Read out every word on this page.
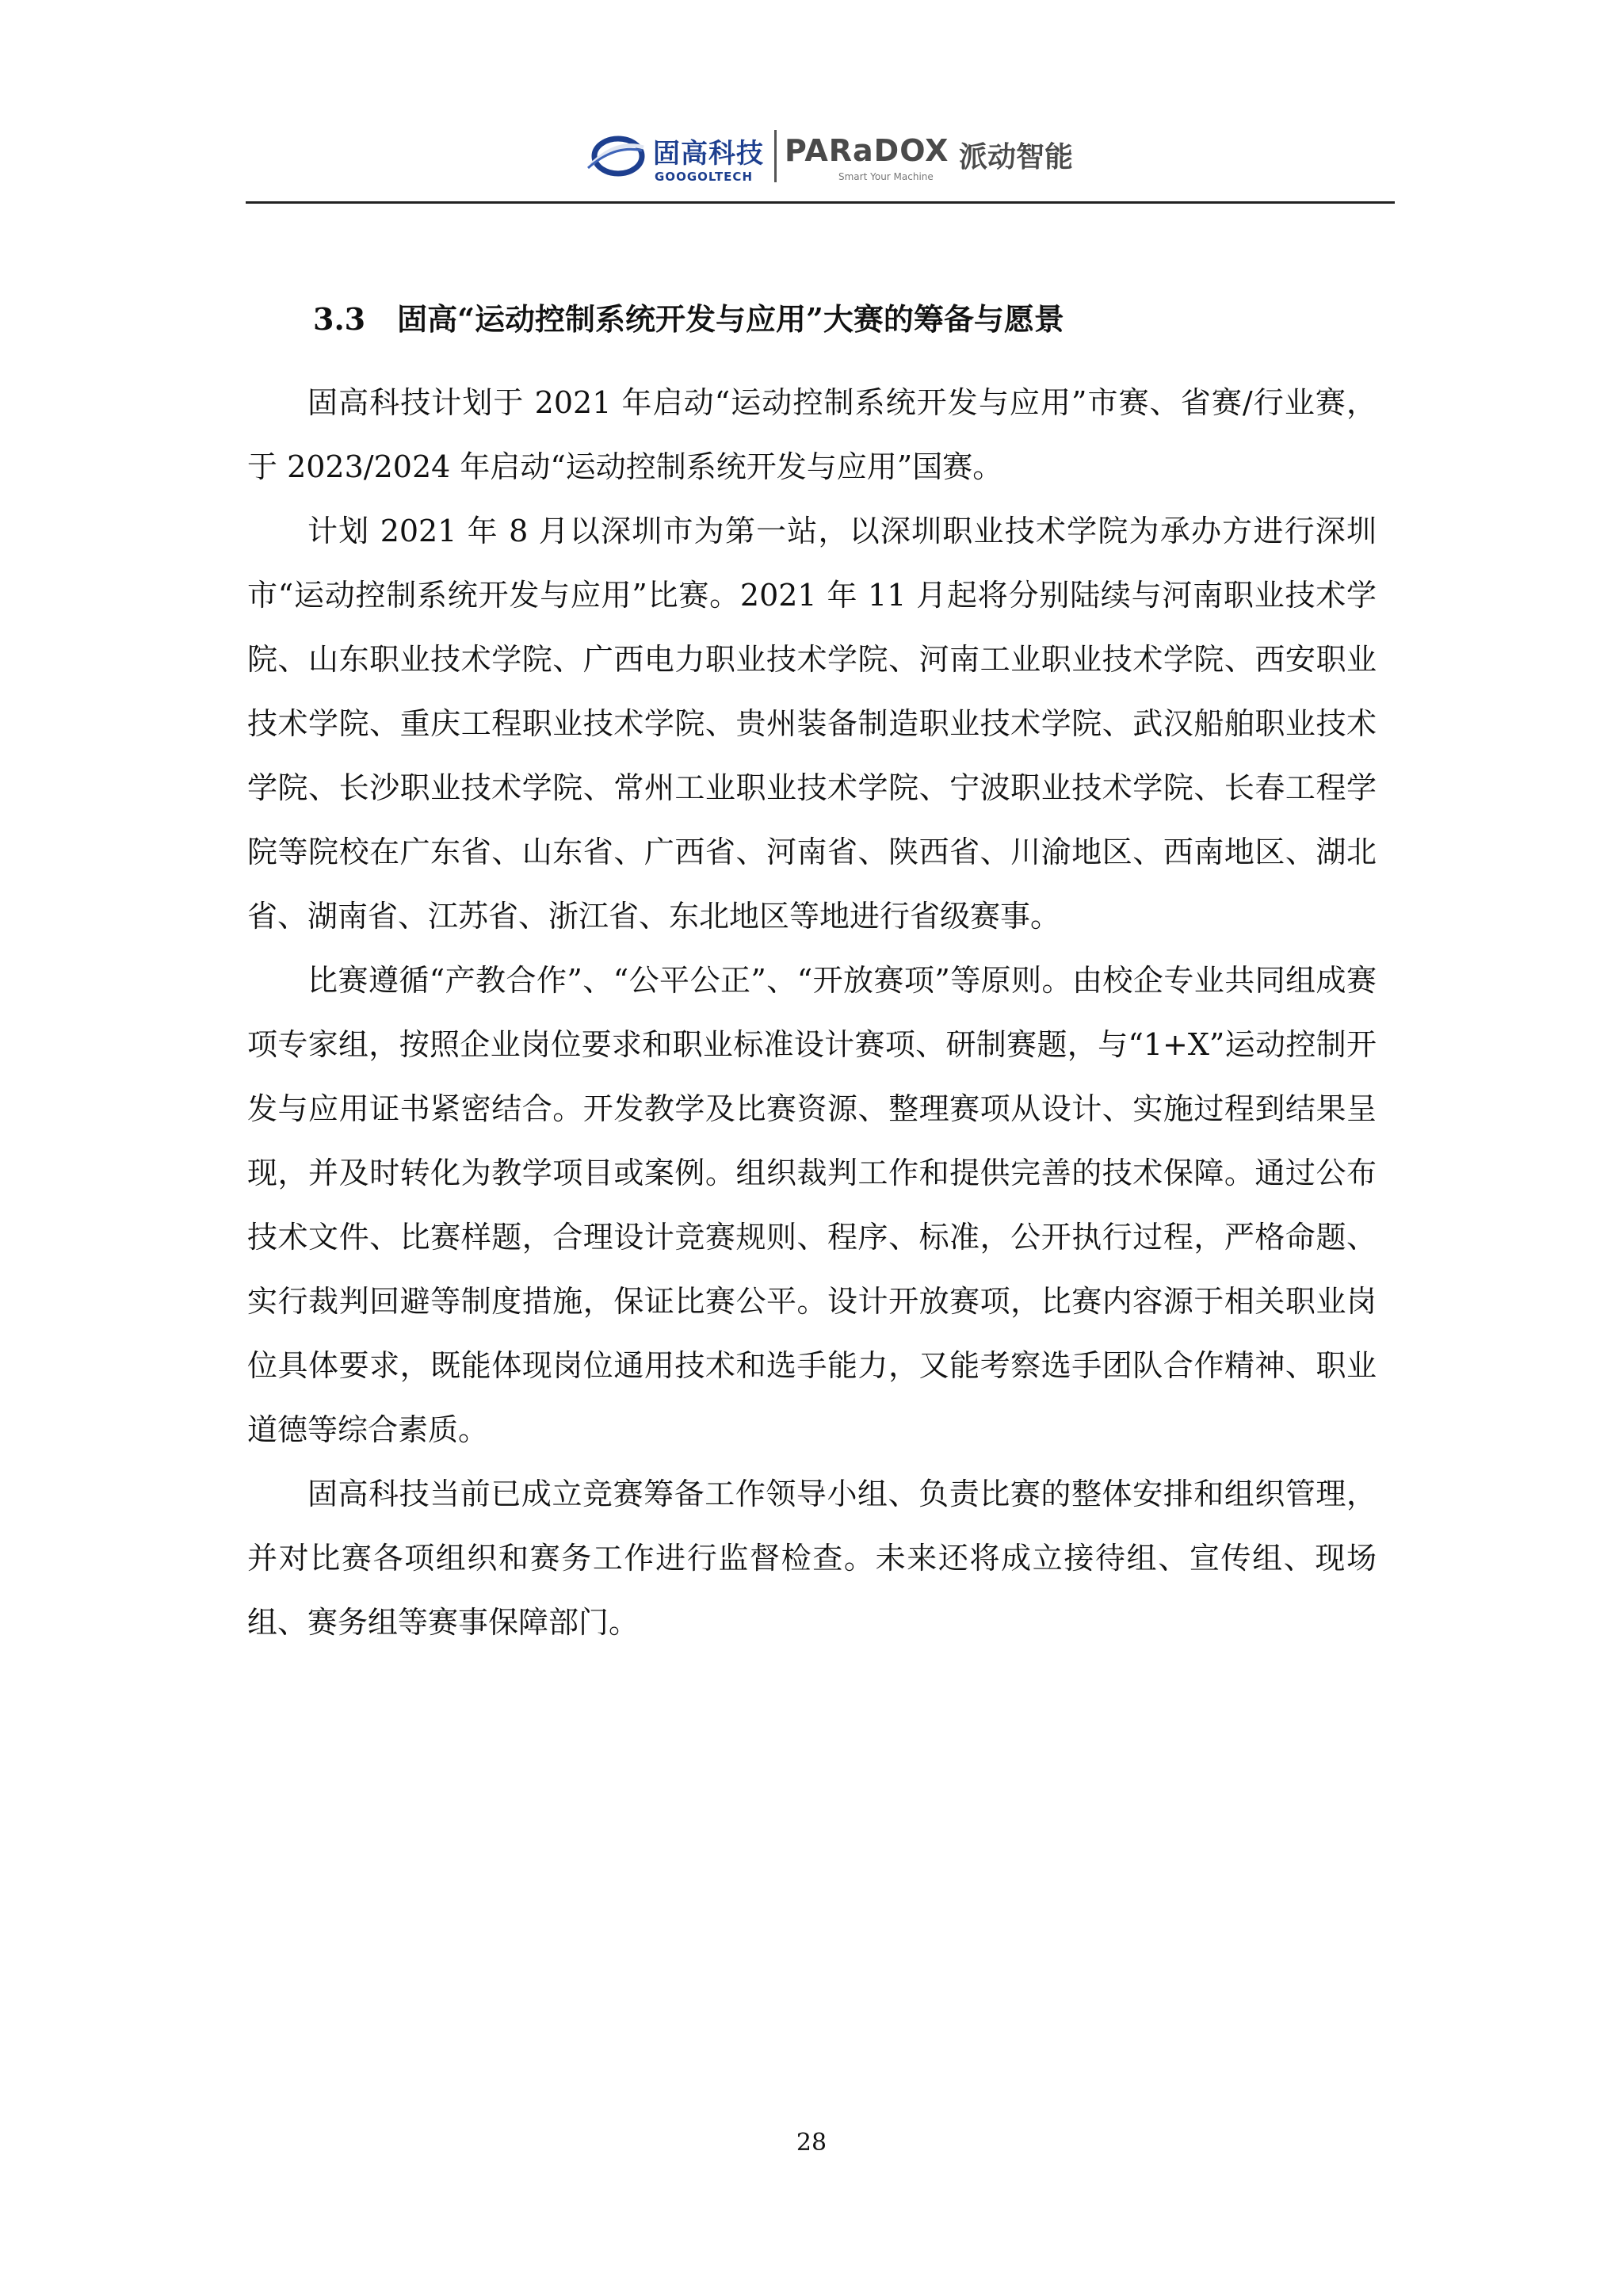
固高科技
GOOGOLTECH
PARaDOX
Smart Your Machine
派动智能
3.3 固高“运动控制系统开发与应用”大赛的筹备与愿景

固高科技计划于 2021 年启动“运动控制系统开发与应用”市赛、省赛/行业赛，于 2023/2024 年启动“运动控制系统开发与应用”国赛。

计划 2021 年 8 月以深圳市为第一站，以深圳职业技术学院为承办方进行深圳市“运动控制系统开发与应用”比赛。2021 年 11 月起将分别陆续与河南职业技术学院、山东职业技术学院、广西电力职业技术学院、河南工业职业技术学院、西安职业技术学院、重庆工程职业技术学院、贵州装备制造职业技术学院、武汉船舶职业技术学院、长沙职业技术学院、常州工业职业技术学院、宁波职业技术学院、长春工程学院等院校在广东省、山东省、广西省、河南省、陕西省、川渝地区、西南地区、湖北省、湖南省、江苏省、浙江省、东北地区等地进行省级赛事。

比赛遵循“产教合作”、“公平公正”、“开放赛项”等原则。由校企专业共同组成赛项专家组，按照企业岗位要求和职业标准设计赛项、研制赛题，与“1+X”运动控制开发与应用证书紧密结合。开发教学及比赛资源、整理赛项从设计、实施过程到结果呈现，并及时转化为教学项目或案例。组织裁判工作和提供完善的技术保障。通过公布技术文件、比赛样题，合理设计竞赛规则、程序、标准，公开执行过程，严格命题、实行裁判回避等制度措施，保证比赛公平。设计开放赛项，比赛内容源于相关职业岗位具体要求，既能体现岗位通用技术和选手能力，又能考察选手团队合作精神、职业道德等综合素质。

固高科技当前已成立竞赛筹备工作领导小组、负责比赛的整体安排和组织管理，并对比赛各项组织和赛务工作进行监督检查。未来还将成立接待组、宣传组、现场组、赛务组等赛事保障部门。

28
